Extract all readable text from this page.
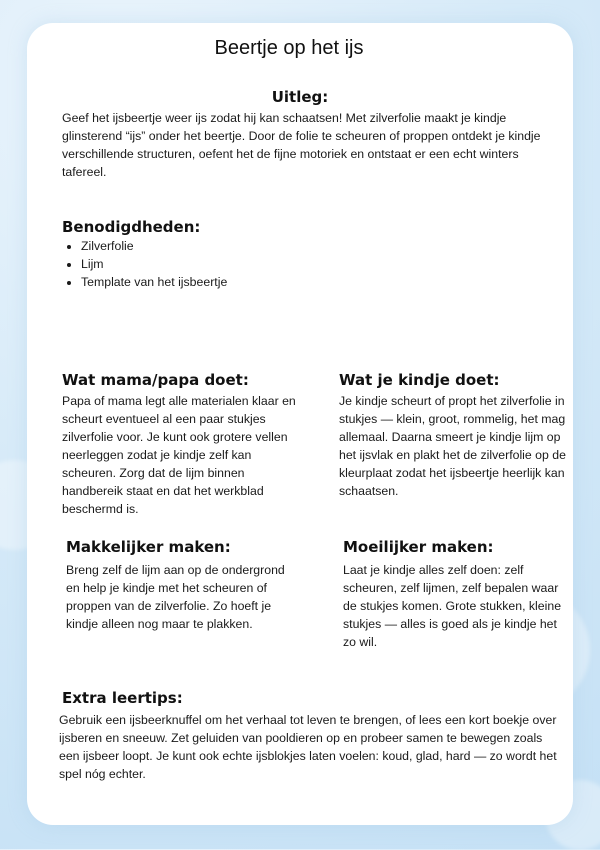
Beertje op het ijs
Uitleg:

Geef het ijsbeertje weer ijs zodat hij kan schaatsen! Met zilverfolie maakt je kindje glinsterend “ijs” onder het beertje. Door de folie te scheuren of proppen ontdekt je kindje verschillende structuren, oefent het de fijne motoriek en ontstaat er een echt winters tafereel.

Benodigdheden:
• Zilverfolie
• Lijm
• Template van het ijsbeertje
Wat mama/papa doet:

Papa of mama legt alle materialen klaar en scheurt eventueel al een paar stukjes zilverfolie voor. Je kunt ook grotere vellen neerleggen zodat je kindje zelf kan scheuren. Zorg dat de lijm binnen handbereik staat en dat het werkblad beschermd is.

Wat je kindje doet:

Je kindje scheurt of propt het zilverfolie in stukjes — klein, groot, rommelig, het mag allemaal. Daarna smeert je kindje lijm op het ijsvlak en plakt het de zilverfolie op de kleurplaat zodat het ijsbeertje heerlijk kan schaatsen.

Makkelijker maken:

Breng zelf de lijm aan op de ondergrond en help je kindje met het scheuren of proppen van de zilverfolie. Zo hoeft je kindje alleen nog maar te plakken.

Moeilijker maken:

Laat je kindje alles zelf doen: zelf scheuren, zelf lijmen, zelf bepalen waar de stukjes komen. Grote stukken, kleine stukjes — alles is goed als je kindje het zo wil.

Extra leertips:

Gebruik een ijsbeerknuffel om het verhaal tot leven te brengen, of lees een kort boekje over ijsberen en sneeuw. Zet geluiden van pooldieren op en probeer samen te bewegen zoals een ijsbeer loopt. Je kunt ook echte ijsblokjes laten voelen: koud, glad, hard — zo wordt het spel nóg echter.
